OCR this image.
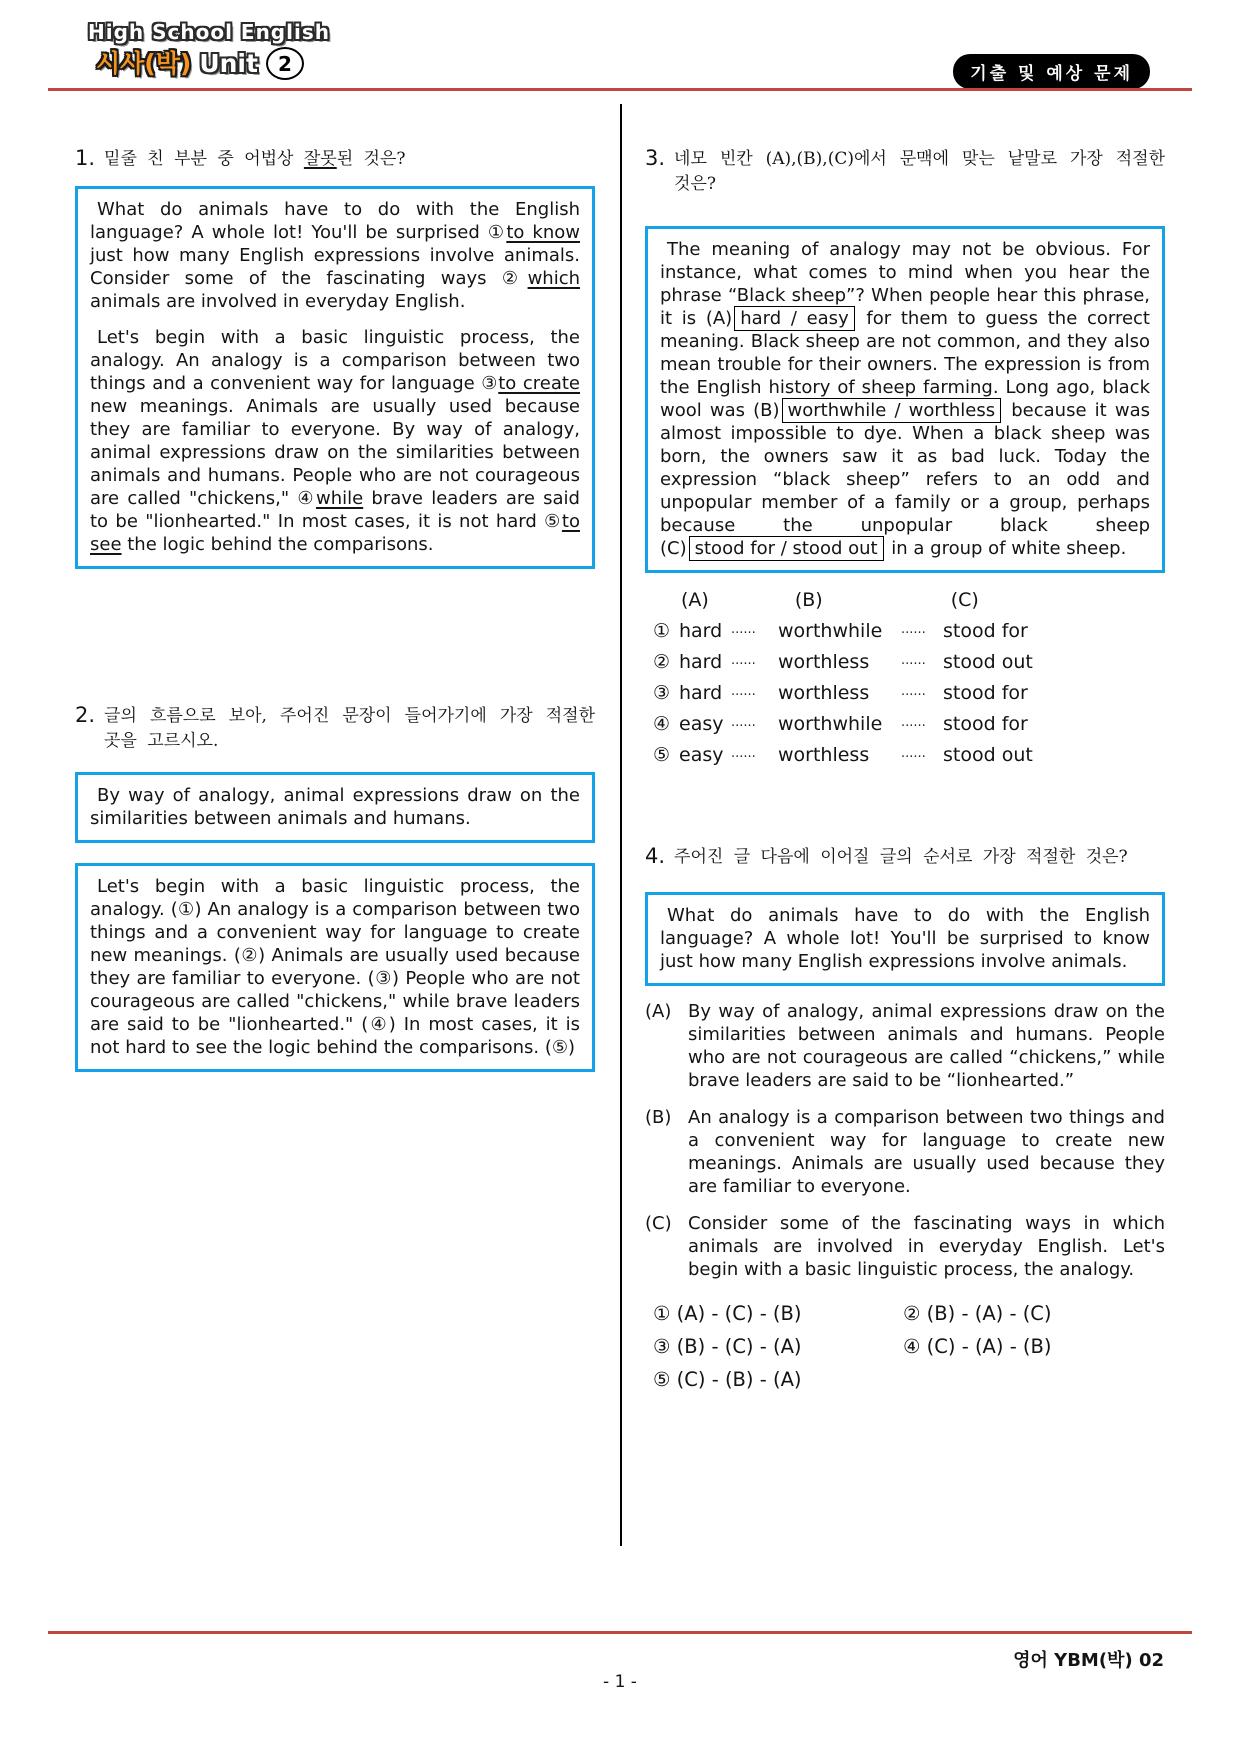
High School English
시사(박) Unit	2	기출 및 예상 문제
1. 밑줄 친 부분 중 어법상 잘못된 것은?

What do animals have to do with the English language? A whole lot! You'll be surprised ①to know just how many English expressions involve animals. Consider some of the fascinating ways ②which animals are involved in everyday English.

Let's begin with a basic linguistic process, the analogy. An analogy is a comparison between two things and a convenient way for language ③to create new meanings. Animals are usually used because they are familiar to everyone. By way of analogy, animal expressions draw on the similarities between animals and humans. People who are not courageous are called "chickens," ④while brave leaders are said to be "lionhearted." In most cases, it is not hard ⑤to see the logic behind the comparisons.

2. 글의 흐름으로 보아, 주어진 문장이 들어가기에 가장 적절한 곳을 고르시오.

By way of analogy, animal expressions draw on the similarities between animals and humans.

Let's begin with a basic linguistic process, the analogy. (①) An analogy is a comparison between two things and a convenient way for language to create new meanings. (②) Animals are usually used because they are familiar to everyone. (③) People who are not courageous are called "chickens," while brave leaders are said to be "lionhearted." (④) In most cases, it is not hard to see the logic behind the comparisons. (⑤)

3. 네모 빈칸 (A),(B),(C)에서 문맥에 맞는 낱말로 가장 적절한 것은?

The meaning of analogy may not be obvious. For instance, what comes to mind when you hear the phrase “Black sheep”? When people hear this phrase, it is (A) hard / easy for them to guess the correct meaning. Black sheep are not common, and they also mean trouble for their owners. The expression is from the English history of sheep farming. Long ago, black wool was (B) worthwhile / worthless because it was almost impossible to dye. When a black sheep was born, the owners saw it as bad luck. Today the expression “black sheep” refers to an odd and unpopular member of a family or a group, perhaps because the unpopular black sheep (C) stood for / stood out in a group of white sheep.

(A)	(B)	(C)
① hard ······	worthwhile	······ stood for
② hard ······	worthless	······ stood out
③ hard ······	worthless	······ stood for
④ easy ······	worthwhile	······ stood for
⑤ easy ······	worthless	······ stood out
4. 주어진 글 다음에 이어질 글의 순서로 가장 적절한 것은?

What do animals have to do with the English language? A whole lot! You'll be surprised to know just how many English expressions involve animals.

(A) By way of analogy, animal expressions draw on the similarities between animals and humans. People who are not courageous are called “chickens,” while brave leaders are said to be “lionhearted.”
(B) An analogy is a comparison between two things and a convenient way for language to create new meanings. Animals are usually used because they are familiar to everyone.
(C) Consider some of the fascinating ways in which animals are involved in everyday English. Let's begin with a basic linguistic process, the analogy.
① (A) - (C) - (B)	② (B) - (A) - (C)
③ (B) - (C) - (A)	④ (C) - (A) - (B)
⑤ (C) - (B) - (A)
영어 YBM(박) 02
- 1 -
